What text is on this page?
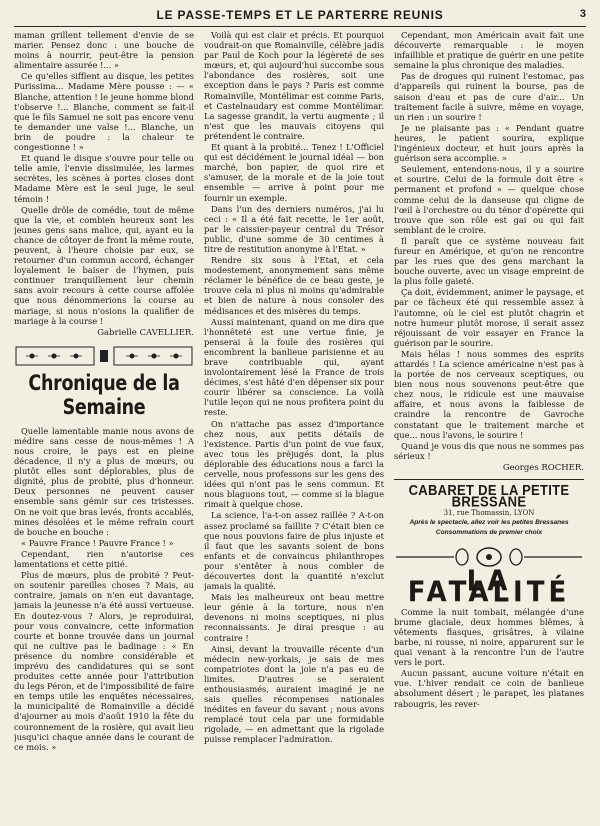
LE PASSE-TEMPS ET LE PARTERRE REUNIS	3

maman grillent tellement d'envie de se marier. Pensez donc : une bouche de moins à nourrir, peut-être la pension alimentaire assurée !... »

Ce qu'elles sifflent au disque, les petites Purissima... Madame Mère pousse : — « Blanche, attention ! le jeune homme blond t'observe !... Blanche, comment se fait-il que le fils Samuel ne soit pas encore venu te demander une valse !... Blanche, un brin de poudre : la chaleur te congestionne ! »

Et quand le disque s'ouvre pour telle ou telle amie, l'envie dissimulée, les larmes secrètes, les scènes à portes closes dont Madame Mère est le seul juge, le seul témoin !

Quelle drôle de comédie, tout de même que la vie, et combien heureux sont les jeunes gens sans malice, qui, ayant eu la chance de côtoyer de front la même route, peuvent, à l'heure choisie par eux, se retourner d'un commun accord, échanger loyalement le baiser de l'hymen, puis continuer tranquillement leur chemin sans avoir recours à cette course affolée que nous dénommerions la course au mariage, si nous n'osions la qualifier de mariage à la course !

Gabrielle CAVELLIER.
Chronique de la Semaine

Quelle lamentable manie nous avons de médire sans cesse de nous-mêmes ! A nous croire, le pays est en pleine décadence, il n'y a plus de mœurs, ou plutôt elles sont déplorables, plus de dignité, plus de probité, plus d'honneur. Deux personnes ne peuvent causer ensemble sans gémir sur ces tristesses. On ne voit que bras levés, fronts accablés, mines désolées et le même refrain court de bouche en bouche :

« Pauvre France ! Pauvre France ! »

Cependant, rien n'autorise ces lamentations et cette pitié.

Plus de mœurs, plus de probité ? Peut-on soutenir pareilles choses ? Mais, au contraire, jamais on n'en eut davantage, jamais la jeunesse n'a été aussi vertueuse. En doutez-vous ? Alors, je reproduirai, pour vous convaincre, cette information courte et bonne trouvée dans un journal qui ne cultive pas le badinage : « En présence du nombre considérable et imprévu des candidatures qui se sont produites cette année pour l'attribution du legs Péron, et de l'impossibilité de faire en temps utile les enquêtes nécessaires, la municipalité de Romainville a décidé d'ajourner au mois d'août 1910 la fête du couronnement de la rosière, qui avait lieu jusqu'ici chaque année dans le courant de ce mois. »

Voilà qui est clair et précis. Et pourquoi voudrait-on que Romainville, célèbre jadis par Paul de Koch pour la légèreté de ses mœurs, et, qui aujourd'hui succombe sous l'abondance des rosières, soit une exception dans le pays ? Paris est comme Romainville, Montélimar est comme Paris, et Castelnaudary est comme Montélimar. La sagesse grandit, la vertu augmente ; il n'est que les mauvais citoyens qui prétendent le contraire.

Et quant à la probité... Tenez ! L'Officiel qui est décidément le journal idéal — bon marché, bon papier, de quoi rire et s'amuser, de la morale et de la joie tout ensemble — arrive à point pour me fournir un exemple.

Dans l'un des derniers numéros, j'ai lu ceci : « Il a été fait recette, le 1er août, par le caissier-payeur central du Trésor public, d'une somme de 30 centimes à titre de restitution anonyme à l'Etat. »

Rendre six sous à l'Etat, et cela modestement, anonymement sans même réclamer le bénéfice de ce beau geste, je trouve cela ni plus ni moins qu'admirable et bien de nature à nous consoler des médisances et des misères du temps.

Aussi maintenant, quand on me dira que l'honnêteté est une vertue finie, je penserai à la foule des rosières qui encombrent la banlieue parisienne et au brave contribuable qui, ayant involontairement lésé la France de trois décimes, s'est hâté d'en dépenser six pour courir libérer sa conscience. La voilà l'utile leçon qui ne nous profitera point du reste.

On n'attache pas assez d'importance chez nous, aux petits détails de l'existence. Partis d'un point de vue faux, avec tous les préjugés dont, la plus déplorable des éducations nous a farci la cervelle, nous professons sur les gens des idées qui n'ont pas le sens commun. Et nous blaguons tout, — comme si la blague rimait à quelque chose.

La science, l'a-t-on assez raillée ? A-t-on assez proclamé sa faillite ? C'était bien ce que nous pouvions faire de plus injuste et il faut que les savants soient de bons enfants et de convaincus philanthropes pour s'entêter à nous combler de découvertes dont la quantité n'exclut jamais la qualité.

Mais les malheureux ont beau mettre leur génie à la torture, nous n'en devenons ni moins sceptiques, ni plus reconnaissants. Je dirai presque : au contraire !

Ainsi, devant la trouvaille récente d'un médecin new-yorkais, je sais de mes compatriotes dont la joie n'a pas eu de limites. D'autres se seraient enthousiasmés, auraient imaginé je ne sais quelles récompenses nationales inédites en faveur du savant ; nous avons remplacé tout cela par une formidable rigolade, — en admettant que la rigolade puisse remplacer l'admiration.

Cependant, mon Américain avait fait une découverte remarquable : le moyen infaillible et pratique de guérir en une petite semaine la plus chronique des maladies.

Pas de drogues qui ruinent l'estomac, pas d'appareils qui ruinent la bourse, pas de saison d'eau et pas de cure d'air... Un traitement facile à suivre, même en voyage, un rien : un sourire !

Je ne plaisante pas : « Pendant quatre heures, le patient sourira, explique l'ingénieux docteur, et huit jours après la guérison sera accomplie. »

Seulement, entendons-nous, il y a sourire et sourire. Celui de la formule doit être « permanent et profond » — quelque chose comme celui de la danseuse qui cligne de l'œil à l'orchestre ou du ténor d'opérette qui trouve que son rôle est gai ou qui fait semblant de le croire.

Il paraît que ce système nouveau fait fureur en Amérique, et qu'on ne rencontre par les rues que des gens marchant la bouche ouverte, avec un visage empreint de la plus folle gaieté.

Ça doit, évidemment, animer le paysage, et par ce fâcheux été qui ressemble assez à l'automne, où le ciel est plutôt chagrin et notre humeur plutôt morose, il serait assez réjouissant de voir essayer en France la guérison par le sourire.

Mais hélas ! nous sommes des esprits attardés ! La science américaine n'est pas à la portée de nos cerveaux sceptiques, ou bien nous nous souvenons peut-être que chez nous, le ridicule est une mauvaise affaire, et nous avons la faiblesse de craindre la rencontre de Gavroche constatant que le traitement marche et que... nous l'avons, le sourire !

Quand je vous dis que nous ne sommes pas sérieux !

Georges ROCHER.
CABARET DE LA PETITE BRESSANE
31, rue Thomassin, LYON
Après le spectacle, allez voir les petites Bressanes
Consommations de premier choix
LA FATALITÉ

Comme la nuit tombait, mélangée d'une brume glaciale, deux hommes blêmes, à vêtements flasques, grisâtres, à vilaine barbe, ni rousse, ni noire, apparurent sur le quai venant à la rencontre l'un de l'autre vers le port.

Aucun passant, aucune voiture n'était en vue. L'hiver rendait ce coin de banlieue absolument désert ; le parapet, les platanes rabougris, les rever-
